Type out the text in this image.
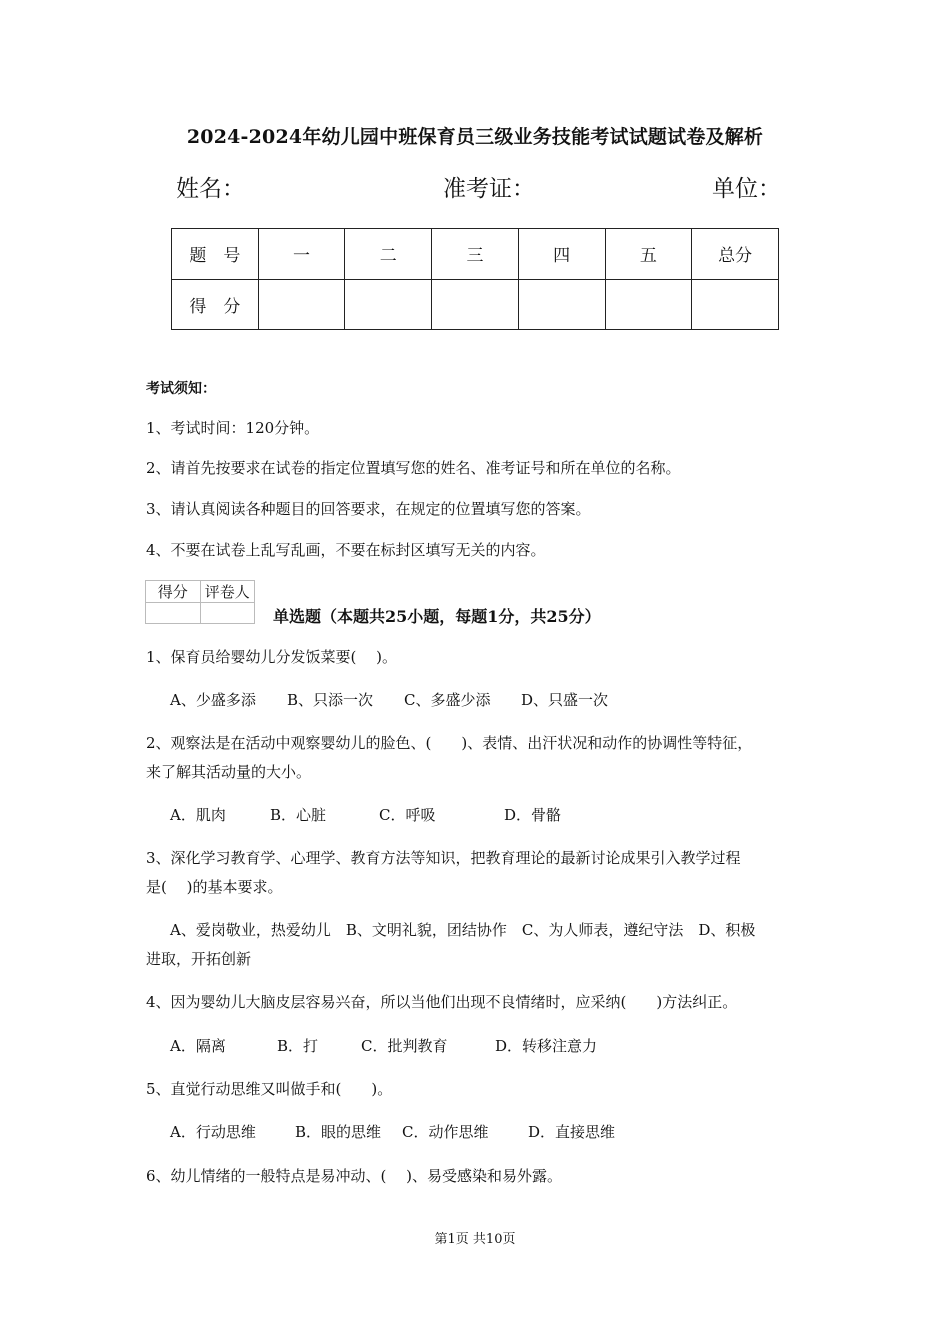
2024-2024年幼儿园中班保育员三级业务技能考试试题试卷及解析
姓名：	准考证：	单位：
题　号	一	二	三	四	五	总分
得　分						
考试须知：
1、考试时间：120分钟。
2、请首先按要求在试卷的指定位置填写您的姓名、准考证号和所在单位的名称。
3、请认真阅读各种题目的回答要求，在规定的位置填写您的答案。
4、不要在试卷上乱写乱画，不要在标封区填写无关的内容。
得分	评卷人

单选题（本题共25小题，每题1分，共25分）
1、保育员给婴幼儿分发饭菜要(　 )。
A、少盛多添 B、只添一次 C、多盛少添 D、只盛一次
2、观察法是在活动中观察婴幼儿的脸色、(　　)、表情、出汗状况和动作的协调性等特征，
来了解其活动量的大小。
A．肌肉	B．心脏	C．呼吸	D．骨骼
3、深化学习教育学、心理学、教育方法等知识，把教育理论的最新讨论成果引入教学过程
是(　 )的基本要求。
A、爱岗敬业，热爱幼儿　B、文明礼貌，团结协作　C、为人师表，遵纪守法　D、积极
进取，开拓创新
4、因为婴幼儿大脑皮层容易兴奋，所以当他们出现不良情绪时，应采纳(　　)方法纠正。
A．隔离	B．打	C．批判教育	D．转移注意力
5、直觉行动思维又叫做手和(　　)。
A．行动思维	B．眼的思维 C．动作思维	D．直接思维
6、幼儿情绪的一般特点是易冲动、(　 )、易受感染和易外露。
第1页 共10页
